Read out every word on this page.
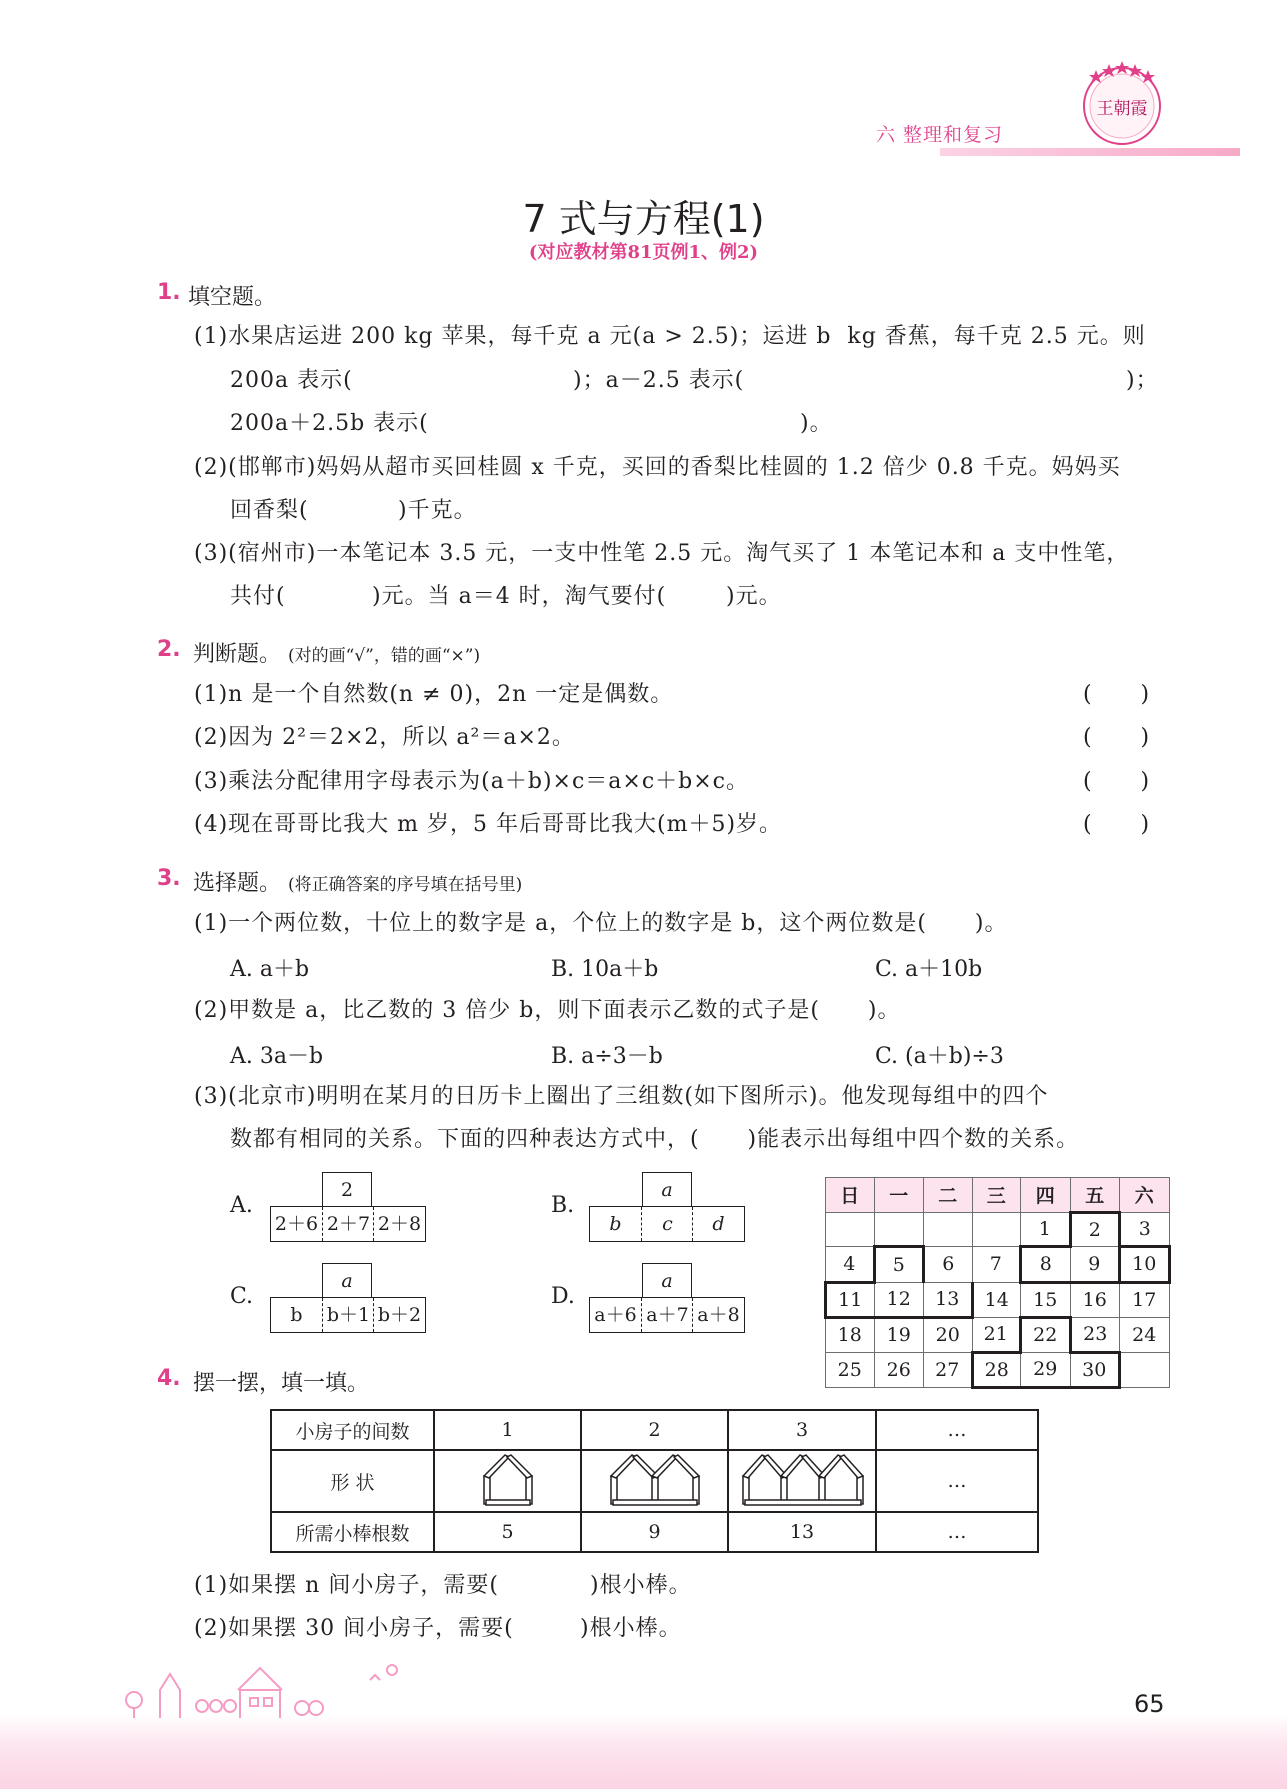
六 整理和复习
王朝霞
7 式与方程(1)
(对应教材第81页例1、例2)
1. 填空题。
(1)水果店运进 200 kg 苹果，每千克 a 元(a > 2.5)；运进 b  kg 香蕉，每千克 2.5 元。则
200a 表示(	)；a－2.5 表示(	)；
200a＋2.5b 表示(	)。
(2)(邯郸市)妈妈从超市买回桂圆 x 千克，买回的香梨比桂圆的 1.2 倍少 0.8 千克。妈妈买
回香梨(	)千克。
(3)(宿州市)一本笔记本 3.5 元，一支中性笔 2.5 元。淘气买了 1 本笔记本和 a 支中性笔，
共付(	)元。当 a＝4 时，淘气要付(	)元。
2. 判断题。 (对的画“√”，错的画“×”)
(1)n 是一个自然数(n ≠ 0)，2n 一定是偶数。
(2)因为 2²＝2×2，所以 a²＝a×2。
(3)乘法分配律用字母表示为(a＋b)×c＝a×c＋b×c。
(4)现在哥哥比我大 m 岁，5 年后哥哥比我大(m＋5)岁。
(      )
(      )
(      )
(      )
3. 选择题。 (将正确答案的序号填在括号里)
(1)一个两位数，十位上的数字是 a，个位上的数字是 b，这个两位数是(      )。
A. a＋b	B. 10a＋b	C. a＋10b
(2)甲数是 a，比乙数的 3 倍少 b，则下面表示乙数的式子是(      )。
A. 3a－b	B. a÷3－b	C. (a＋b)÷3
(3)(北京市)明明在某月的日历卡上圈出了三组数(如下图所示)。他发现每组中的四个
数都有相同的关系。下面的四种表达方式中，(      )能表示出每组中四个数的关系。
A.
2
2＋6 2＋7 2＋8
B.
a
b	c	d
C.
a
b	b＋1 b＋2
D.
a
a＋6 a＋7 a＋8
日	一	二	三	四	五	六
				1	2	3
4	5	6	7	8	9	10
11	12	13	14	15	16	17
18	19	20	21	22	23	24
25	26	27	28	29	30	
4. 摆一摆，填一填。
小房子的间数	1	2	3	…
形 状				…
所需小棒根数	5	9	13	…
(1)如果摆 n 间小房子，需要(	)根小棒。
(2)如果摆 30 间小房子，需要(	)根小棒。
65
